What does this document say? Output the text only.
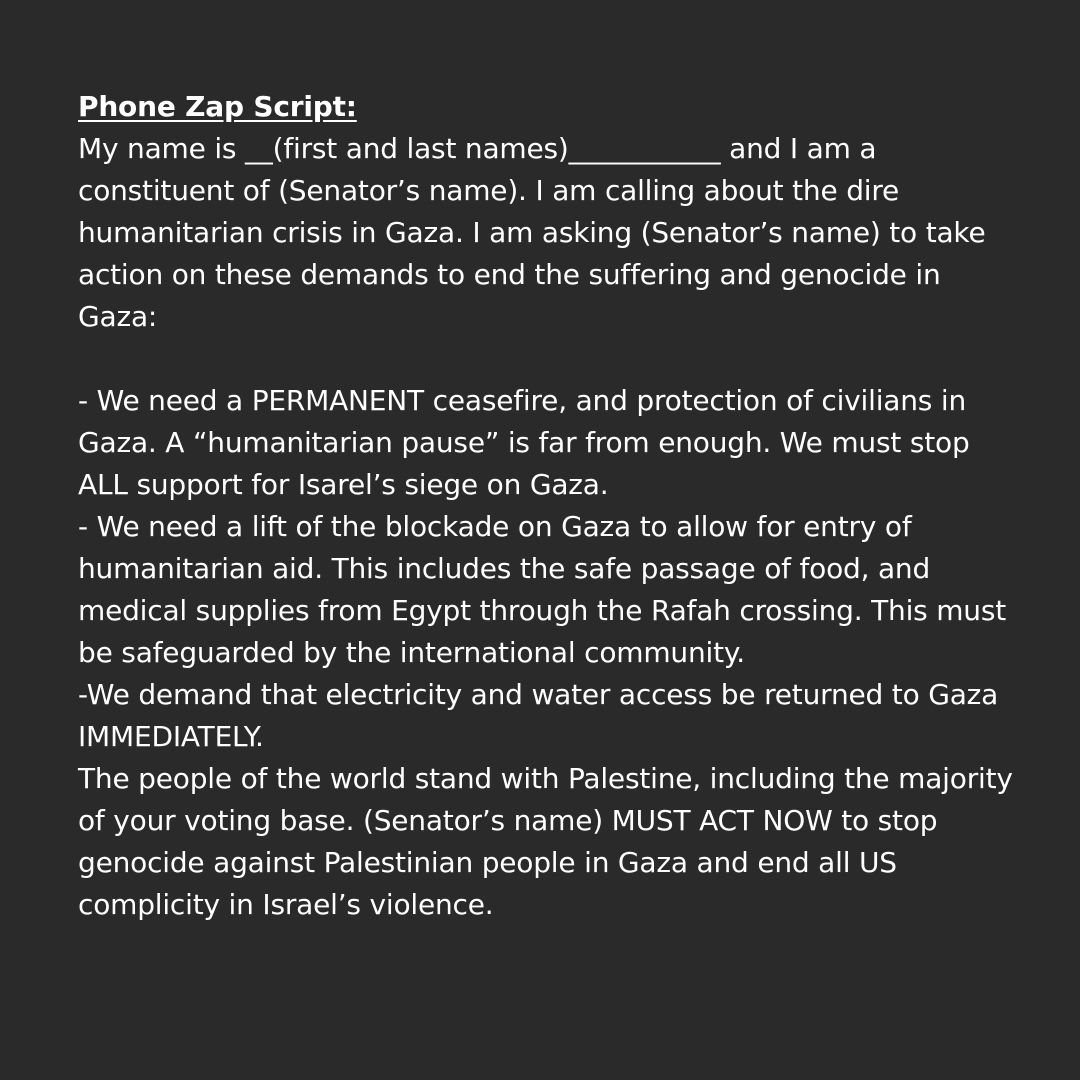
Phone Zap Script:

My name is __(first and last names)___________ and I am a constituent of (Senator’s name). I am calling about the dire humanitarian crisis in Gaza. I am asking (Senator’s name) to take action on these demands to end the suffering and genocide in Gaza:

- We need a PERMANENT ceasefire, and protection of civilians in Gaza. A “humanitarian pause” is far from enough. We must stop ALL support for Isarel’s siege on Gaza.

- We need a lift of the blockade on Gaza to allow for entry of humanitarian aid. This includes the safe passage of food, and medical supplies from Egypt through the Rafah crossing. This must be safeguarded by the international community.

-We demand that electricity and water access be returned to Gaza IMMEDIATELY.

The people of the world stand with Palestine, including the majority of your voting base. (Senator’s name) MUST ACT NOW to stop genocide against Palestinian people in Gaza and end all US complicity in Israel’s violence.
